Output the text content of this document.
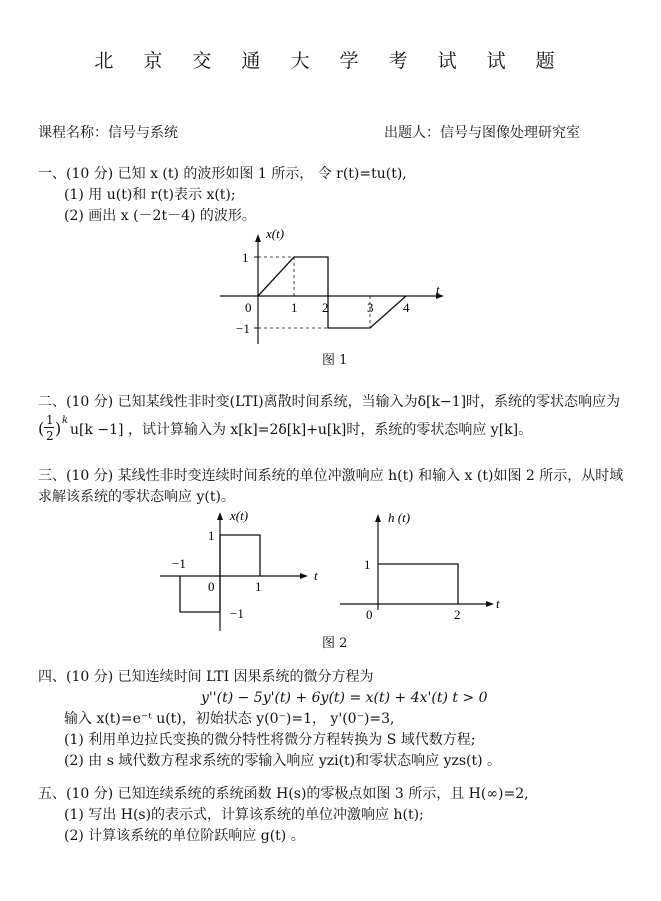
北 京 交 通 大 学 考 试 试 题
课程名称：信号与系统	出题人：信号与图像处理研究室
一、(10 分) 已知 x (t) 的波形如图 1 所示， 令 r(t)=tu(t),
(1) 用 u(t)和 r(t)表示 x(t);
(2) 画出 x (－2t－4) 的波形。
x(t)
t
1
−1
0	1 2	3 4
图 1
二、(10 分) 已知某线性非时变(LTI)离散时间系统，当输入为δ[k−1]时，系统的零状态响应为
( 1
2 ) k
u[k −1] ，试计算输入为 x[k]=2δ[k]+u[k]时，系统的零状态响应 y[k]。
三、(10 分) 某线性非时变连续时间系统的单位冲激响应 h(t) 和输入 x (t)如图 2 所示，从时域
求解该系统的零状态响应 y(t)。
x(t)
t
1
−1
−1
0	1
h (t)
t
1
0	2
图 2
四、(10 分) 已知连续时间 LTI 因果系统的微分方程为
y''(t) − 5y'(t) + 6y(t) = x(t) + 4x'(t) t > 0
输入 x(t)=e⁻ᵗ u(t)，初始状态 y(0⁻)=1， y'(0⁻)=3,
(1) 利用单边拉氏变换的微分特性将微分方程转换为 S 域代数方程;
(2) 由 s 域代数方程求系统的零输入响应 yzi(t)和零状态响应 yzs(t) 。
五、(10 分) 已知连续系统的系统函数 H(s)的零极点如图 3 所示，且 H(∞)=2,
(1) 写出 H(s)的表示式，计算该系统的单位冲激响应 h(t);
(2) 计算该系统的单位阶跃响应 g(t) 。
